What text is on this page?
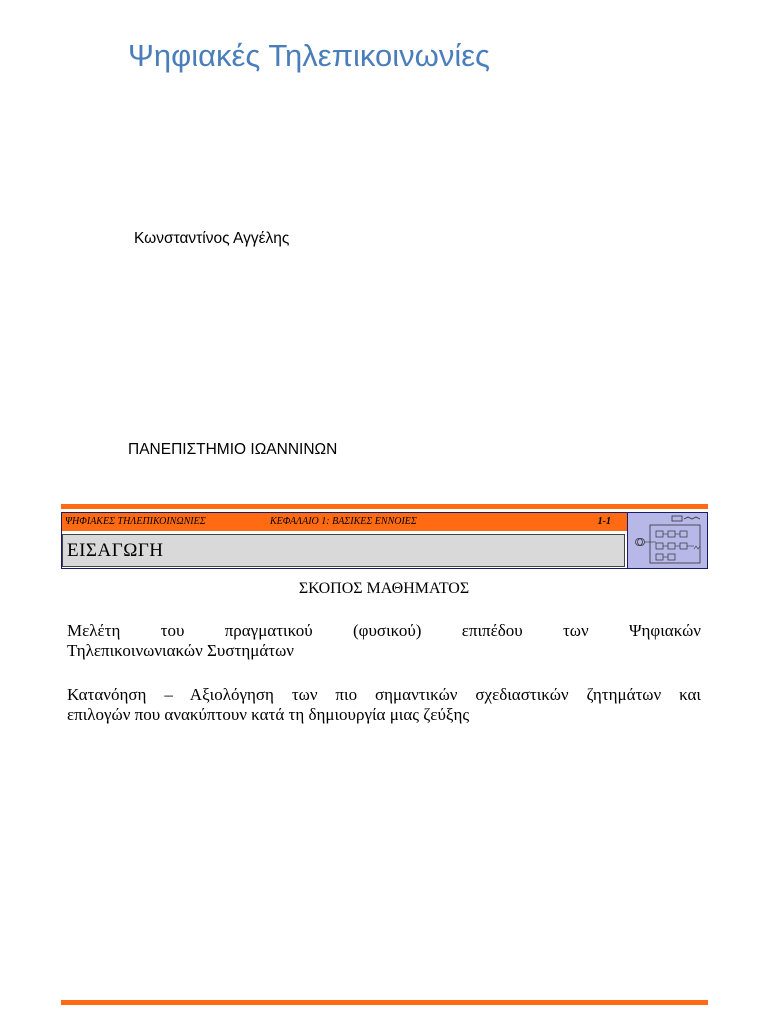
Ψηφιακές Τηλεπικοινωνίες
Κωνσταντίνος Αγγέλης
ΠΑΝΕΠΙΣΤΗΜΙΟ ΙΩΑΝΝΙΝΩΝ
ΨΗΦΙΑΚΕΣ ΤΗΛΕΠΙΚΟΙΝΩΝΙΕΣ	ΚΕΦΑΛΑΙΟ 1: ΒΑΣΙΚΕΣ ΕΝΝΟΙΕΣ	1-1
ΕΙΣΑΓΩΓΗ
ΣΚΟΠΟΣ ΜΑΘΗΜΑΤΟΣ
Μελέτη του πραγματικού (φυσικού) επιπέδου των Ψηφιακών
Τηλεπικοινωνιακών Συστημάτων
Κατανόηση – Αξιολόγηση των πιο σημαντικών σχεδιαστικών ζητημάτων και
επιλογών που ανακύπτουν κατά τη δημιουργία μιας ζεύξης
